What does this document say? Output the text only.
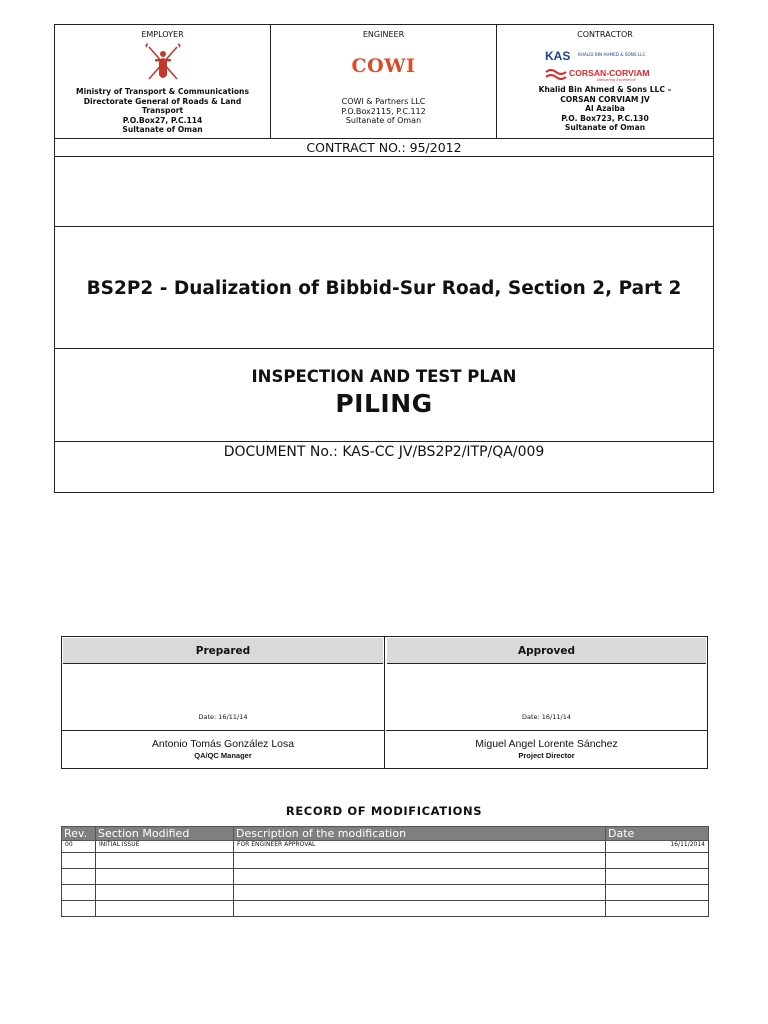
EMPLOYER
Ministry of Transport & Communications
Directorate General of Roads & Land
Transport
P.O.Box27, P.C.114
Sultanate of Oman
ENGINEER
COWI
COWI & Partners LLC
P.O.Box2115, P.C.112
Sultanate of Oman
CONTRACTOR
KAS KHALID BIN AHMED & SONS LLC
CORSAN-CORVIAM
Delivering Excellence
Khalid Bin Ahmed & Sons LLC –
CORSAN CORVIAM JV
Al Azaiba
P.O. Box723, P.C.130
Sultanate of Oman
CONTRACT NO.: 95/2012
BS2P2 - Dualization of Bibbid-Sur Road, Section 2, Part 2
INSPECTION AND TEST PLAN
PILING
DOCUMENT No.: KAS-CC JV/BS2P2/ITP/QA/009
Prepared
Date: 16/11/14
Antonio Tomás González Losa
QA/QC Manager
Approved
Date: 16/11/14
Miguel Angel Lorente Sánchez
Project Director
RECORD OF MODIFICATIONS
Rev.	Section Modified	Description of the modification	Date
00	INITIAL ISSUE	FOR ENGINEER APPROVAL	16/11/2014
